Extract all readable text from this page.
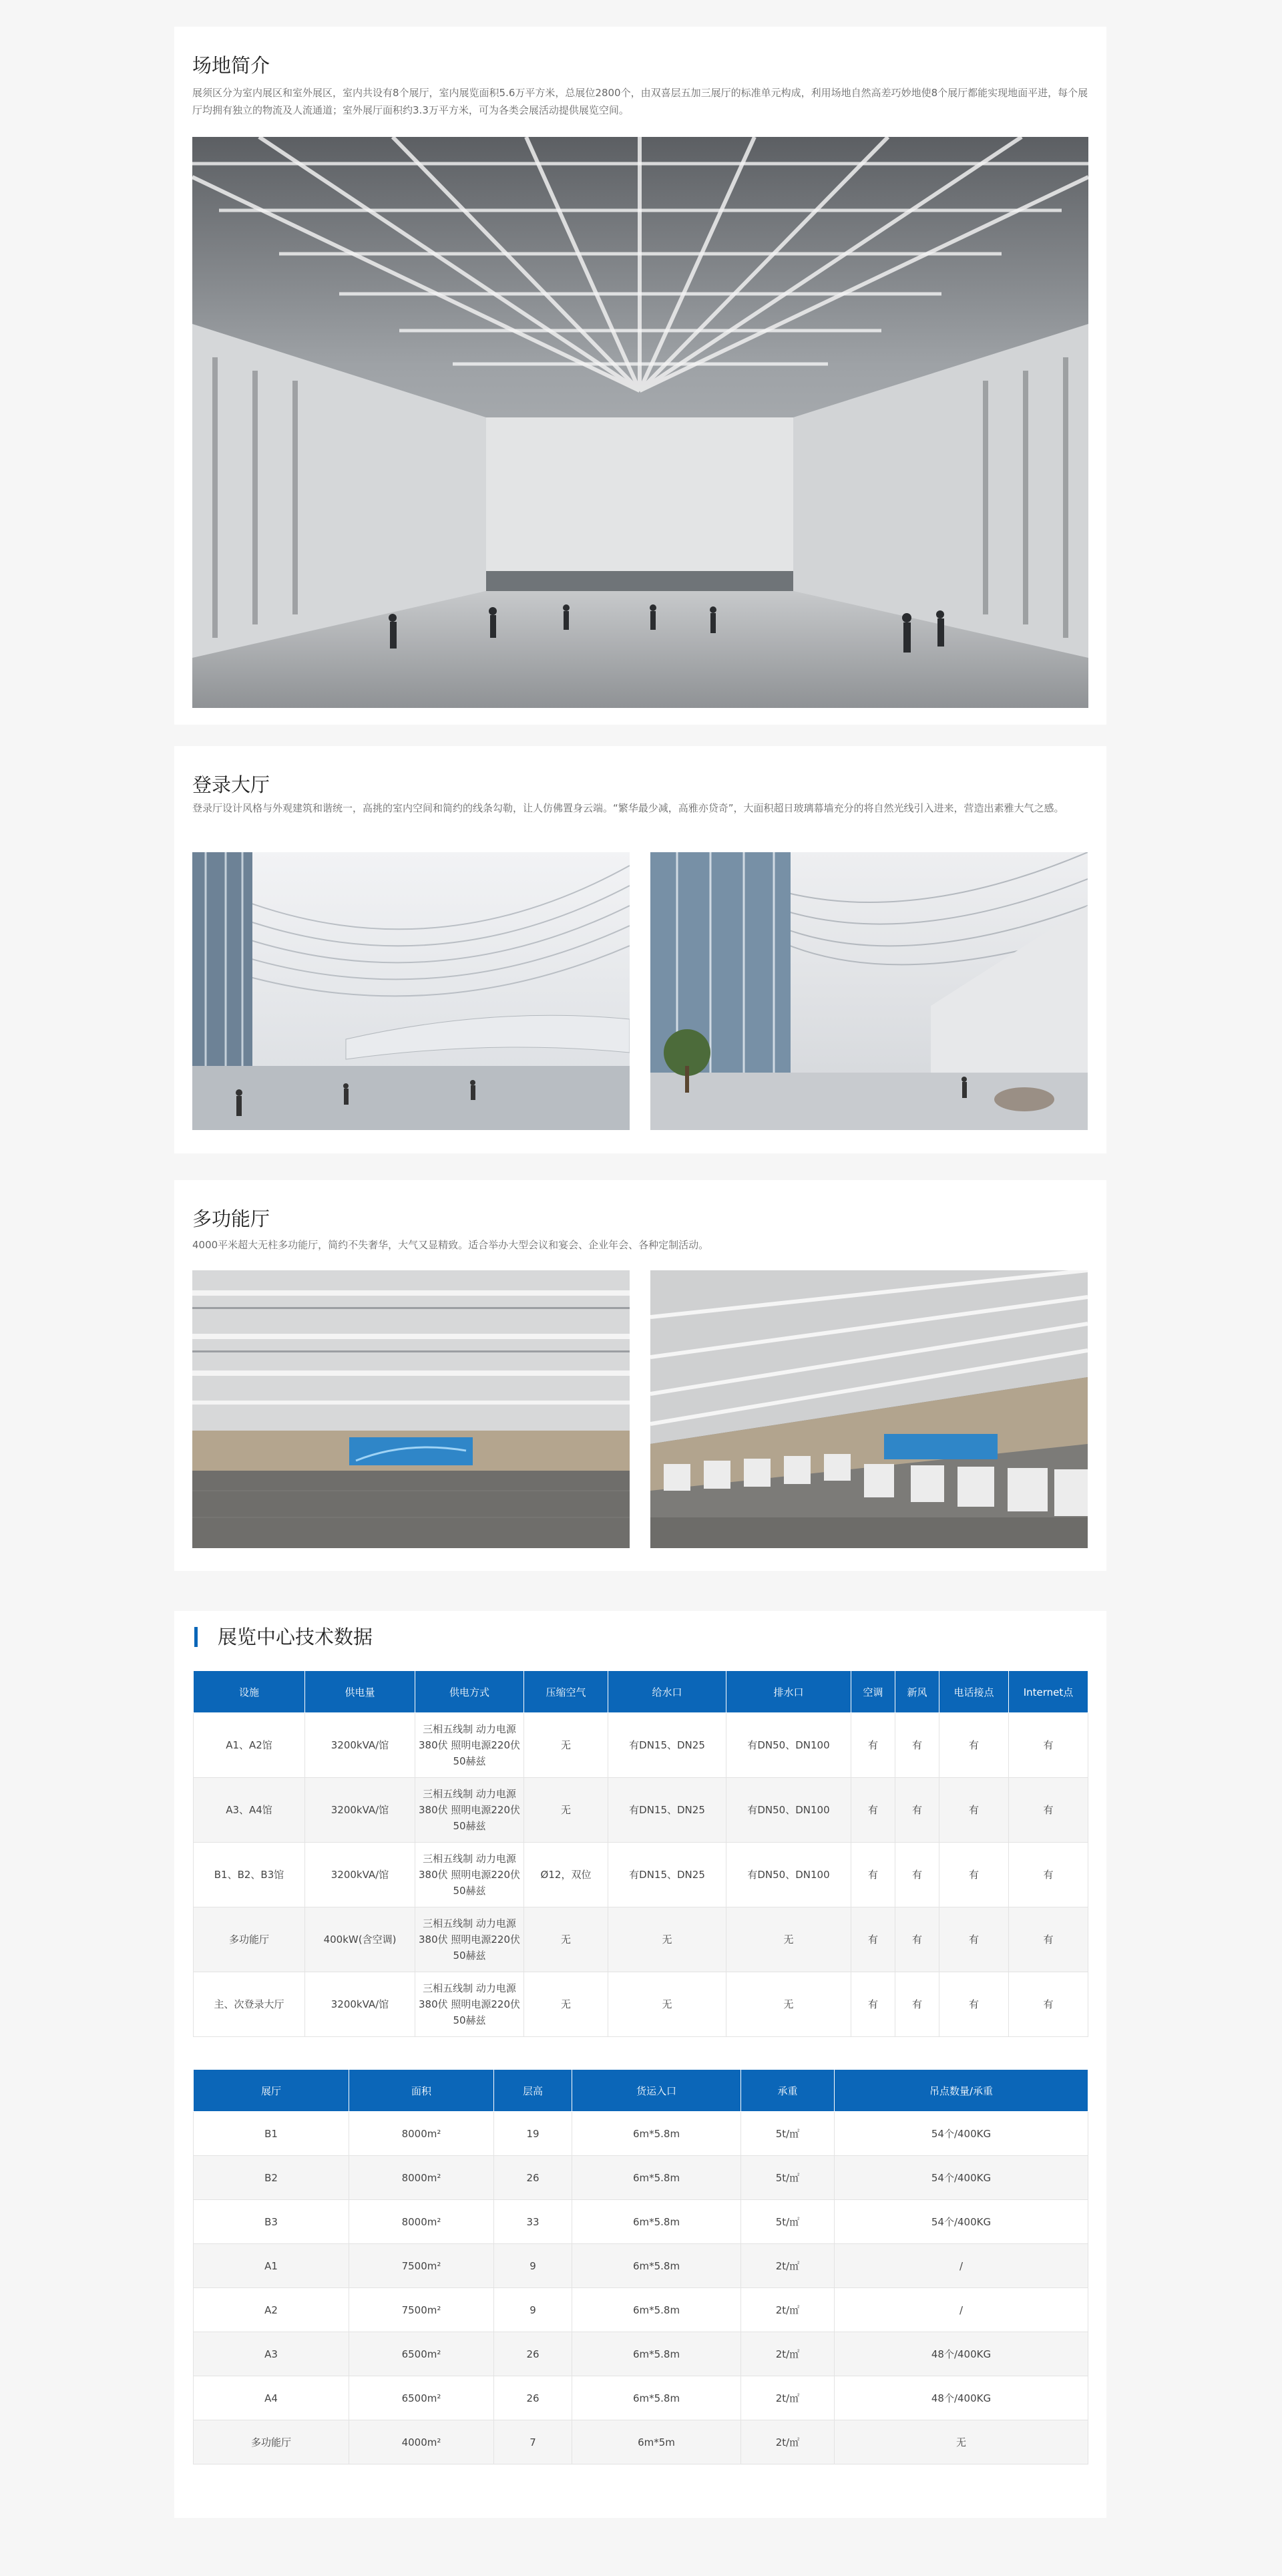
场地简介

展须区分为室内展区和室外展区，室内共设有8个展厅，室内展览面积5.6万平方米，总展位2800个，由双喜层五加三展厅的标准单元构成，利用场地自然高差巧妙地使8个展厅都能实现地面平进，每个展厅均拥有独立的物流及人流通道；室外展厅面积约3.3万平方米，可为各类会展活动提供展览空间。

登录大厅

登录厅设计风格与外观建筑和谐统一，高挑的室内空间和简约的线条勾勒，让人仿佛置身云端。“繁华最少减，高雅亦贷奇”，大面积超日玻璃幕墙充分的将自然光线引入进来，营造出素雅大气之感。

多功能厅

4000平米超大无柱多功能厅，简约不失奢华，大气又显精致。适合举办大型会议和宴会、企业年会、各种定制活动。

展览中心技术数据
设施	供电量	供电方式	压缩空气	给水口	排水口	空调	新风	电话接点	Internet点
A1、A2馆	3200kVA/馆	三相五线制 动力电源380伏 照明电源220伏 50赫兹	无	有DN15、DN25	有DN50、DN100	有	有	有	有
A3、A4馆	3200kVA/馆	三相五线制 动力电源380伏 照明电源220伏 50赫兹	无	有DN15、DN25	有DN50、DN100	有	有	有	有
B1、B2、B3馆	3200kVA/馆	三相五线制 动力电源380伏 照明电源220伏 50赫兹	Ø12，双位	有DN15、DN25	有DN50、DN100	有	有	有	有
多功能厅	400kW(含空调)	三相五线制 动力电源380伏 照明电源220伏 50赫兹	无	无	无	有	有	有	有
主、次登录大厅	3200kVA/馆	三相五线制 动力电源380伏 照明电源220伏 50赫兹	无	无	无	有	有	有	有
展厅	面积	层高	货运入口	承重	吊点数量/承重
B1	8000m²	19	6m*5.8m	5t/㎡	54个/400KG
B2	8000m²	26	6m*5.8m	5t/㎡	54个/400KG
B3	8000m²	33	6m*5.8m	5t/㎡	54个/400KG
A1	7500m²	9	6m*5.8m	2t/㎡	/
A2	7500m²	9	6m*5.8m	2t/㎡	/
A3	6500m²	26	6m*5.8m	2t/㎡	48个/400KG
A4	6500m²	26	6m*5.8m	2t/㎡	48个/400KG
多功能厅	4000m²	7	6m*5m	2t/㎡	无
